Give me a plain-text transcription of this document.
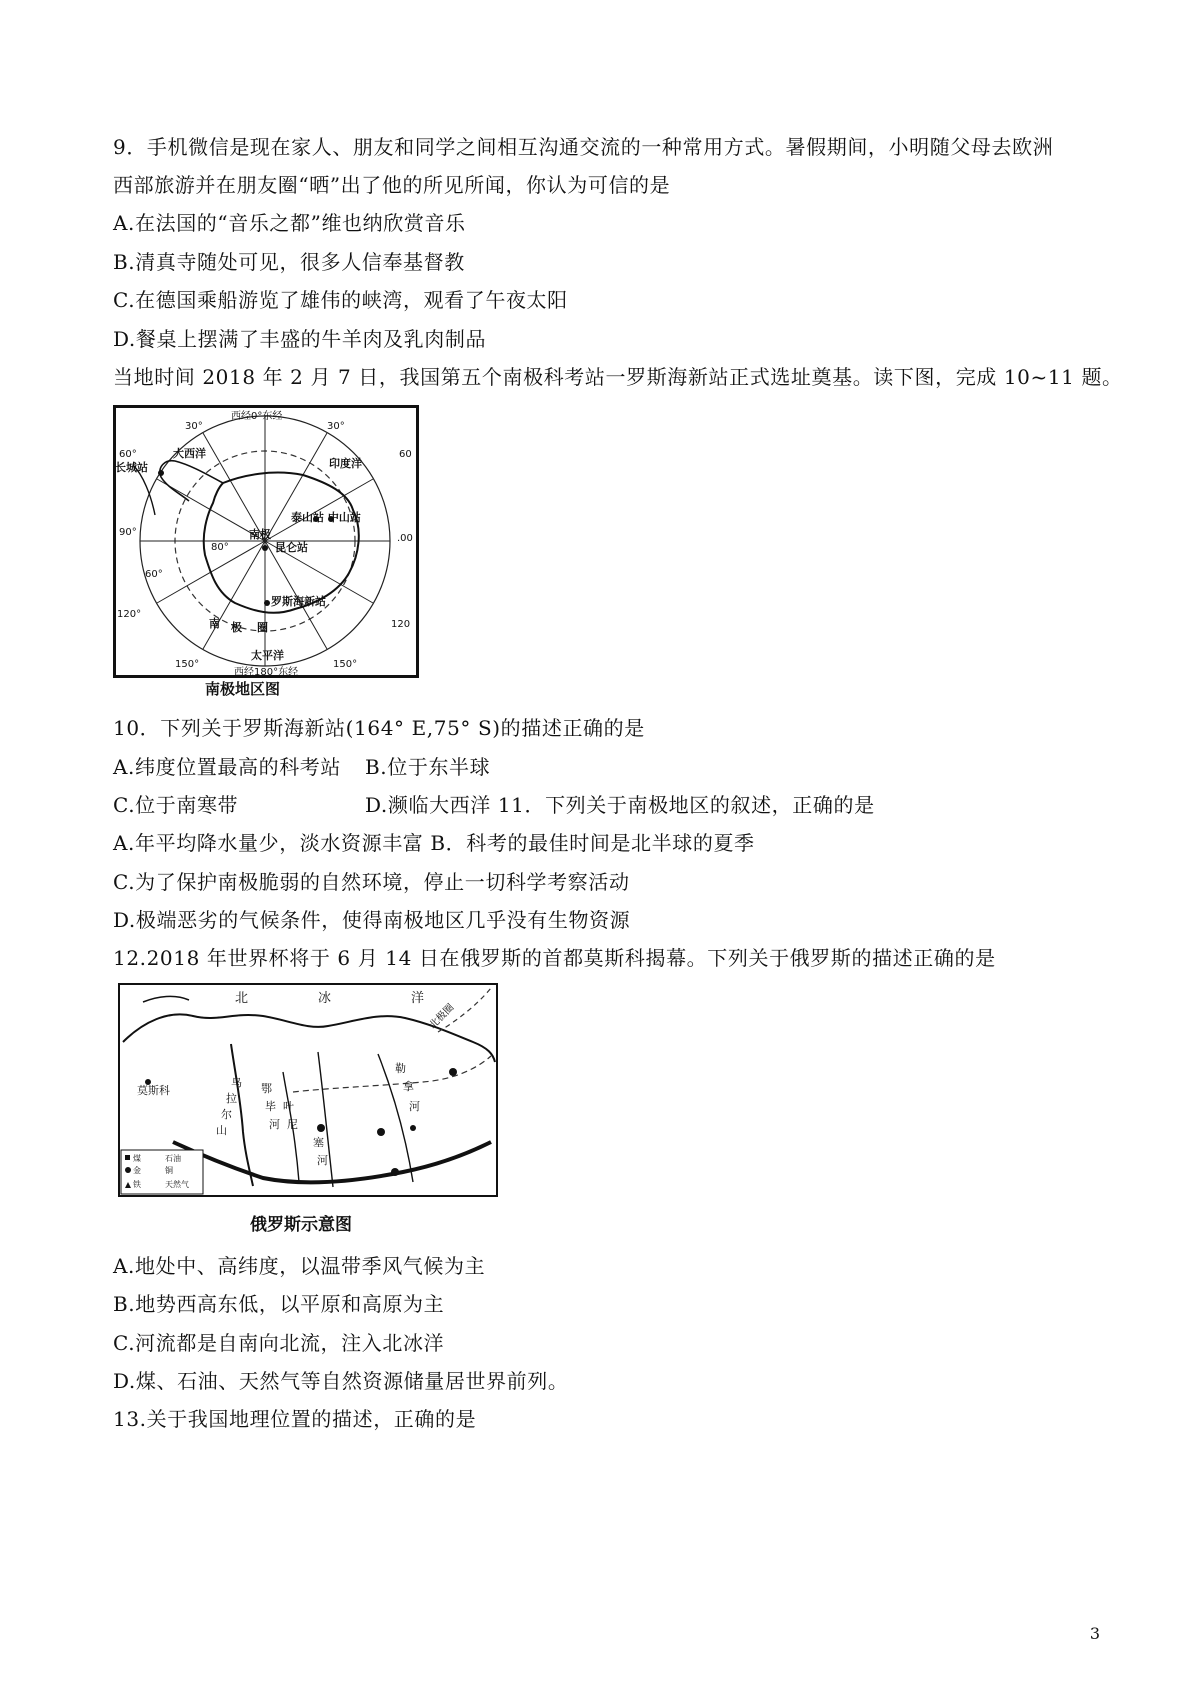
9．手机微信是现在家人、朋友和同学之间相互沟通交流的一种常用方式。暑假期间，小明随父母去欧洲
西部旅游并在朋友圈“晒”出了他的所见所闻，你认为可信的是
A.在法国的“音乐之都”维也纳欣赏音乐
B.清真寺随处可见，很多人信奉基督教
C.在德国乘船游览了雄伟的峡湾，观看了午夜太阳
D.餐桌上摆满了丰盛的牛羊肉及乳肉制品
当地时间 2018 年 2 月 7 日，我国第五个南极科考站一罗斯海新站正式选址奠基。读下图，完成 10~11 题。
西经0°东经
30°	30°
60°	60
90°
.00
120°
120
150°	150°
60°
80°
西经180°东经
长城站
大西洋
印度洋
南极
泰山站 中山站
昆仑站
罗斯海新站
太平洋
南 极 圈
南极地区图
10．下列关于罗斯海新站(164° E,75° S)的描述正确的是
A.纬度位置最高的科考站 B.位于东半球
C.位于南寒带	D.濒临大西洋 11．下列关于南极地区的叙述，正确的是
A.年平均降水量少，淡水资源丰富 B．科考的最佳时间是北半球的夏季
C.为了保护南极脆弱的自然环境，停止一切科学考察活动
D.极端恶劣的气候条件，使得南极地区几乎没有生物资源
12.2018 年世界杯将于 6 月 14 日在俄罗斯的首都莫斯科揭幕。下列关于俄罗斯的描述正确的是
北	冰	洋
北极圈
莫斯科
乌
拉
尔
山
鄂
毕
河
叶
尼
塞
河
勒
拿
河
煤	石油
金	铜
铁	天然气
俄罗斯示意图
A.地处中、高纬度，以温带季风气候为主
B.地势西高东低，以平原和高原为主
C.河流都是自南向北流，注入北冰洋
D.煤、石油、天然气等自然资源储量居世界前列。
13.关于我国地理位置的描述，正确的是
3
